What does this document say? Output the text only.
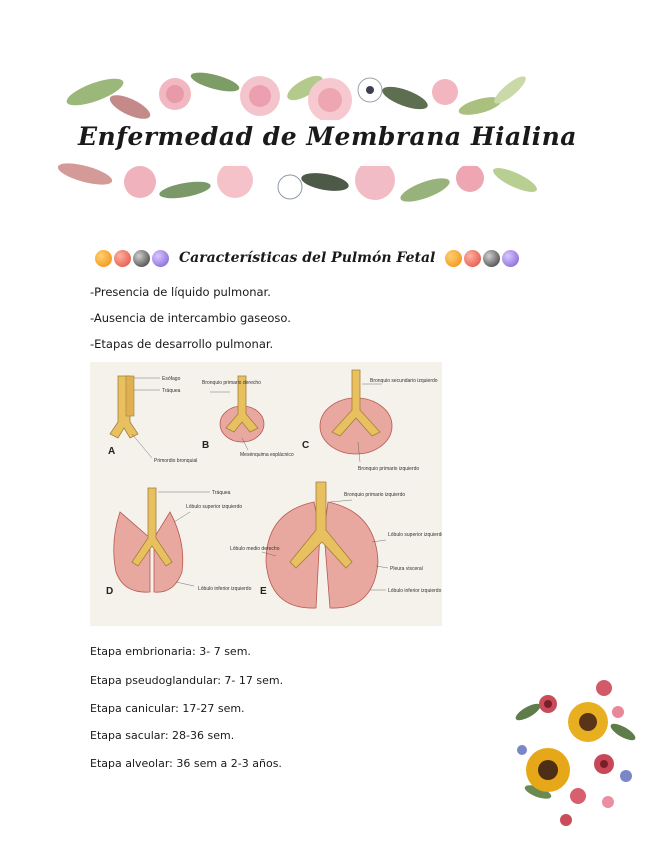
Enfermedad de Membrana Hialina
Características del Pulmón Fetal
-Presencia de líquido pulmonar.
-Ausencia de intercambio gaseoso.
-Etapas de desarrollo pulmonar.
Esófago
Tráquea
Primordio bronquial
A
Bronquio primario derecho
Mesénquima esplácnico
B
Bronquio secundario izquierdo
Bronquio primario izquierdo
C
Tráquea
Lóbulo superior izquierdo
Lóbulo inferior izquierdo
D
Bronquio primario izquierdo
Lóbulo medio derecho
Lóbulo superior izquierdo
Pleura visceral
Lóbulo inferior izquierdo
E
Etapa embrionaria: 3- 7 sem.
Etapa pseudoglandular: 7- 17 sem.
Etapa canicular: 17-27 sem.
Etapa sacular: 28-36 sem.
Etapa alveolar: 36 sem a 2-3 años.
